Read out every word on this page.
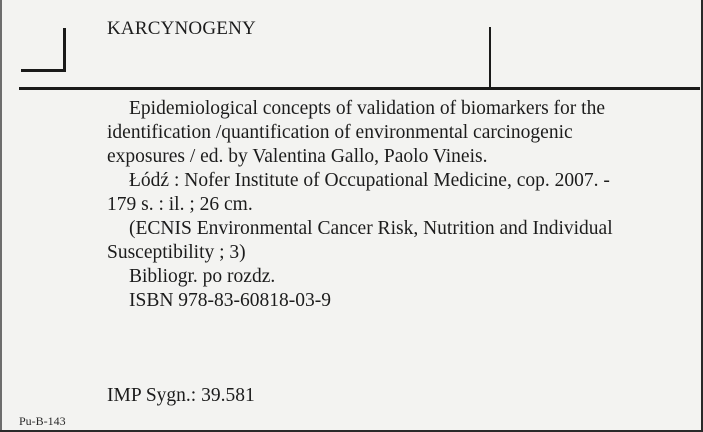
KARCYNOGENY

Epidemiological concepts of validation of biomarkers for the identification /quantification of environmental carcinogenic exposures / ed. by Valentina Gallo, Paolo Vineis.

Łódź : Nofer Institute of Occupational Medicine, cop. 2007. - 179 s. : il. ; 26 cm.

(ECNIS Environmental Cancer Risk, Nutrition and Individual Susceptibility ; 3)

Bibliogr. po rozdz.

ISBN 978-83-60818-03-9

IMP Sygn.: 39.581
Pu-B-143
